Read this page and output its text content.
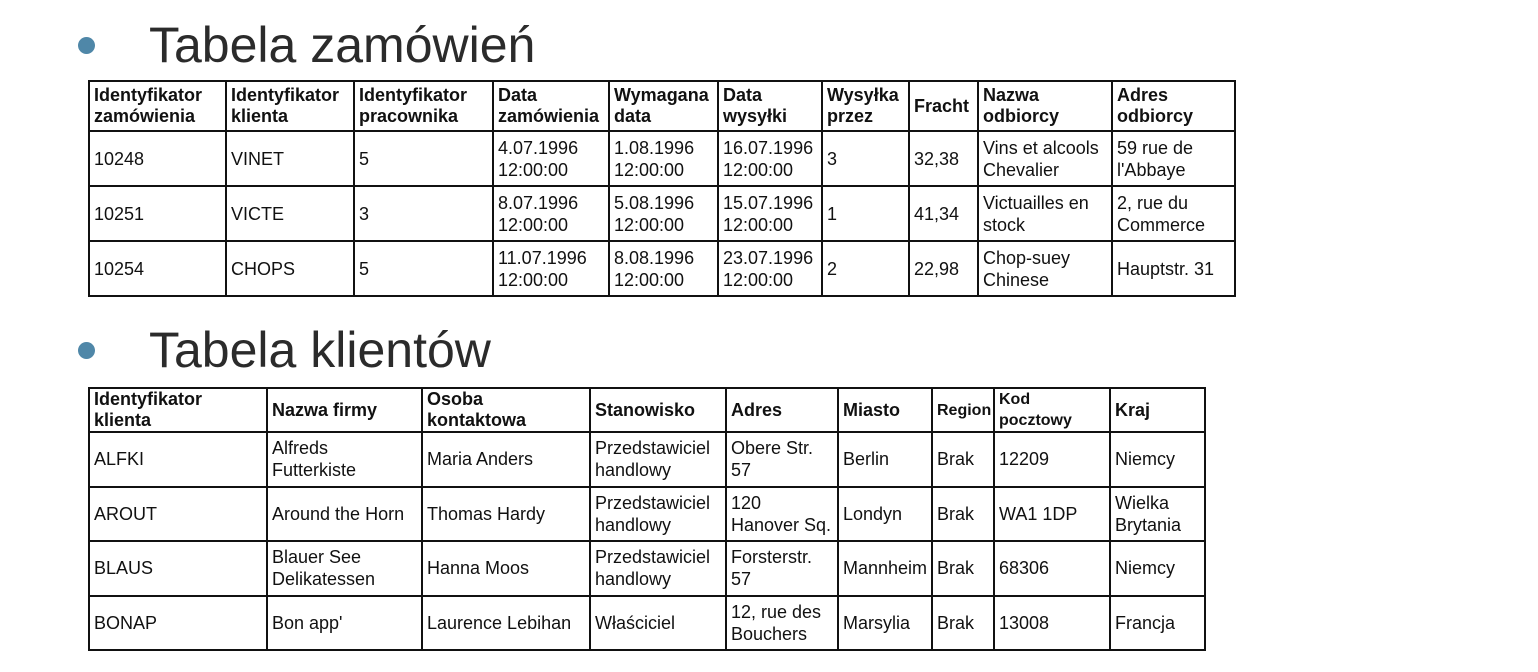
Tabela zamówień
Identyfikator zamówienia	Identyfikator klienta	Identyfikator pracownika	Data zamówienia	Wymagana data	Data wysyłki	Wysyłka przez	Fracht	Nazwa odbiorcy	Adres odbiorcy
10248	VINET	5	4.07.1996 12:00:00	1.08.1996 12:00:00	16.07.1996 12:00:00	3	32,38	Vins et alcools Chevalier	59 rue de l'Abbaye
10251	VICTE	3	8.07.1996 12:00:00	5.08.1996 12:00:00	15.07.1996 12:00:00	1	41,34	Victuailles en stock	2, rue du Commerce
10254	CHOPS	5	11.07.1996 12:00:00	8.08.1996 12:00:00	23.07.1996 12:00:00	2	22,98	Chop-suey Chinese	Hauptstr. 31
Tabela klientów
Identyfikator klienta	Nazwa firmy	Osoba kontaktowa	Stanowisko	Adres	Miasto	Region	Kod pocztowy	Kraj
ALFKI	Alfreds Futterkiste	Maria Anders	Przedstawiciel handlowy	Obere Str. 57	Berlin	Brak	12209	Niemcy
AROUT	Around the Horn	Thomas Hardy	Przedstawiciel handlowy	120 Hanover Sq.	Londyn	Brak	WA1 1DP	Wielka Brytania
BLAUS	Blauer See Delikatessen	Hanna Moos	Przedstawiciel handlowy	Forsterstr. 57	Mannheim	Brak	68306	Niemcy
BONAP	Bon app'	Laurence Lebihan	Właściciel	12, rue des Bouchers	Marsylia	Brak	13008	Francja
